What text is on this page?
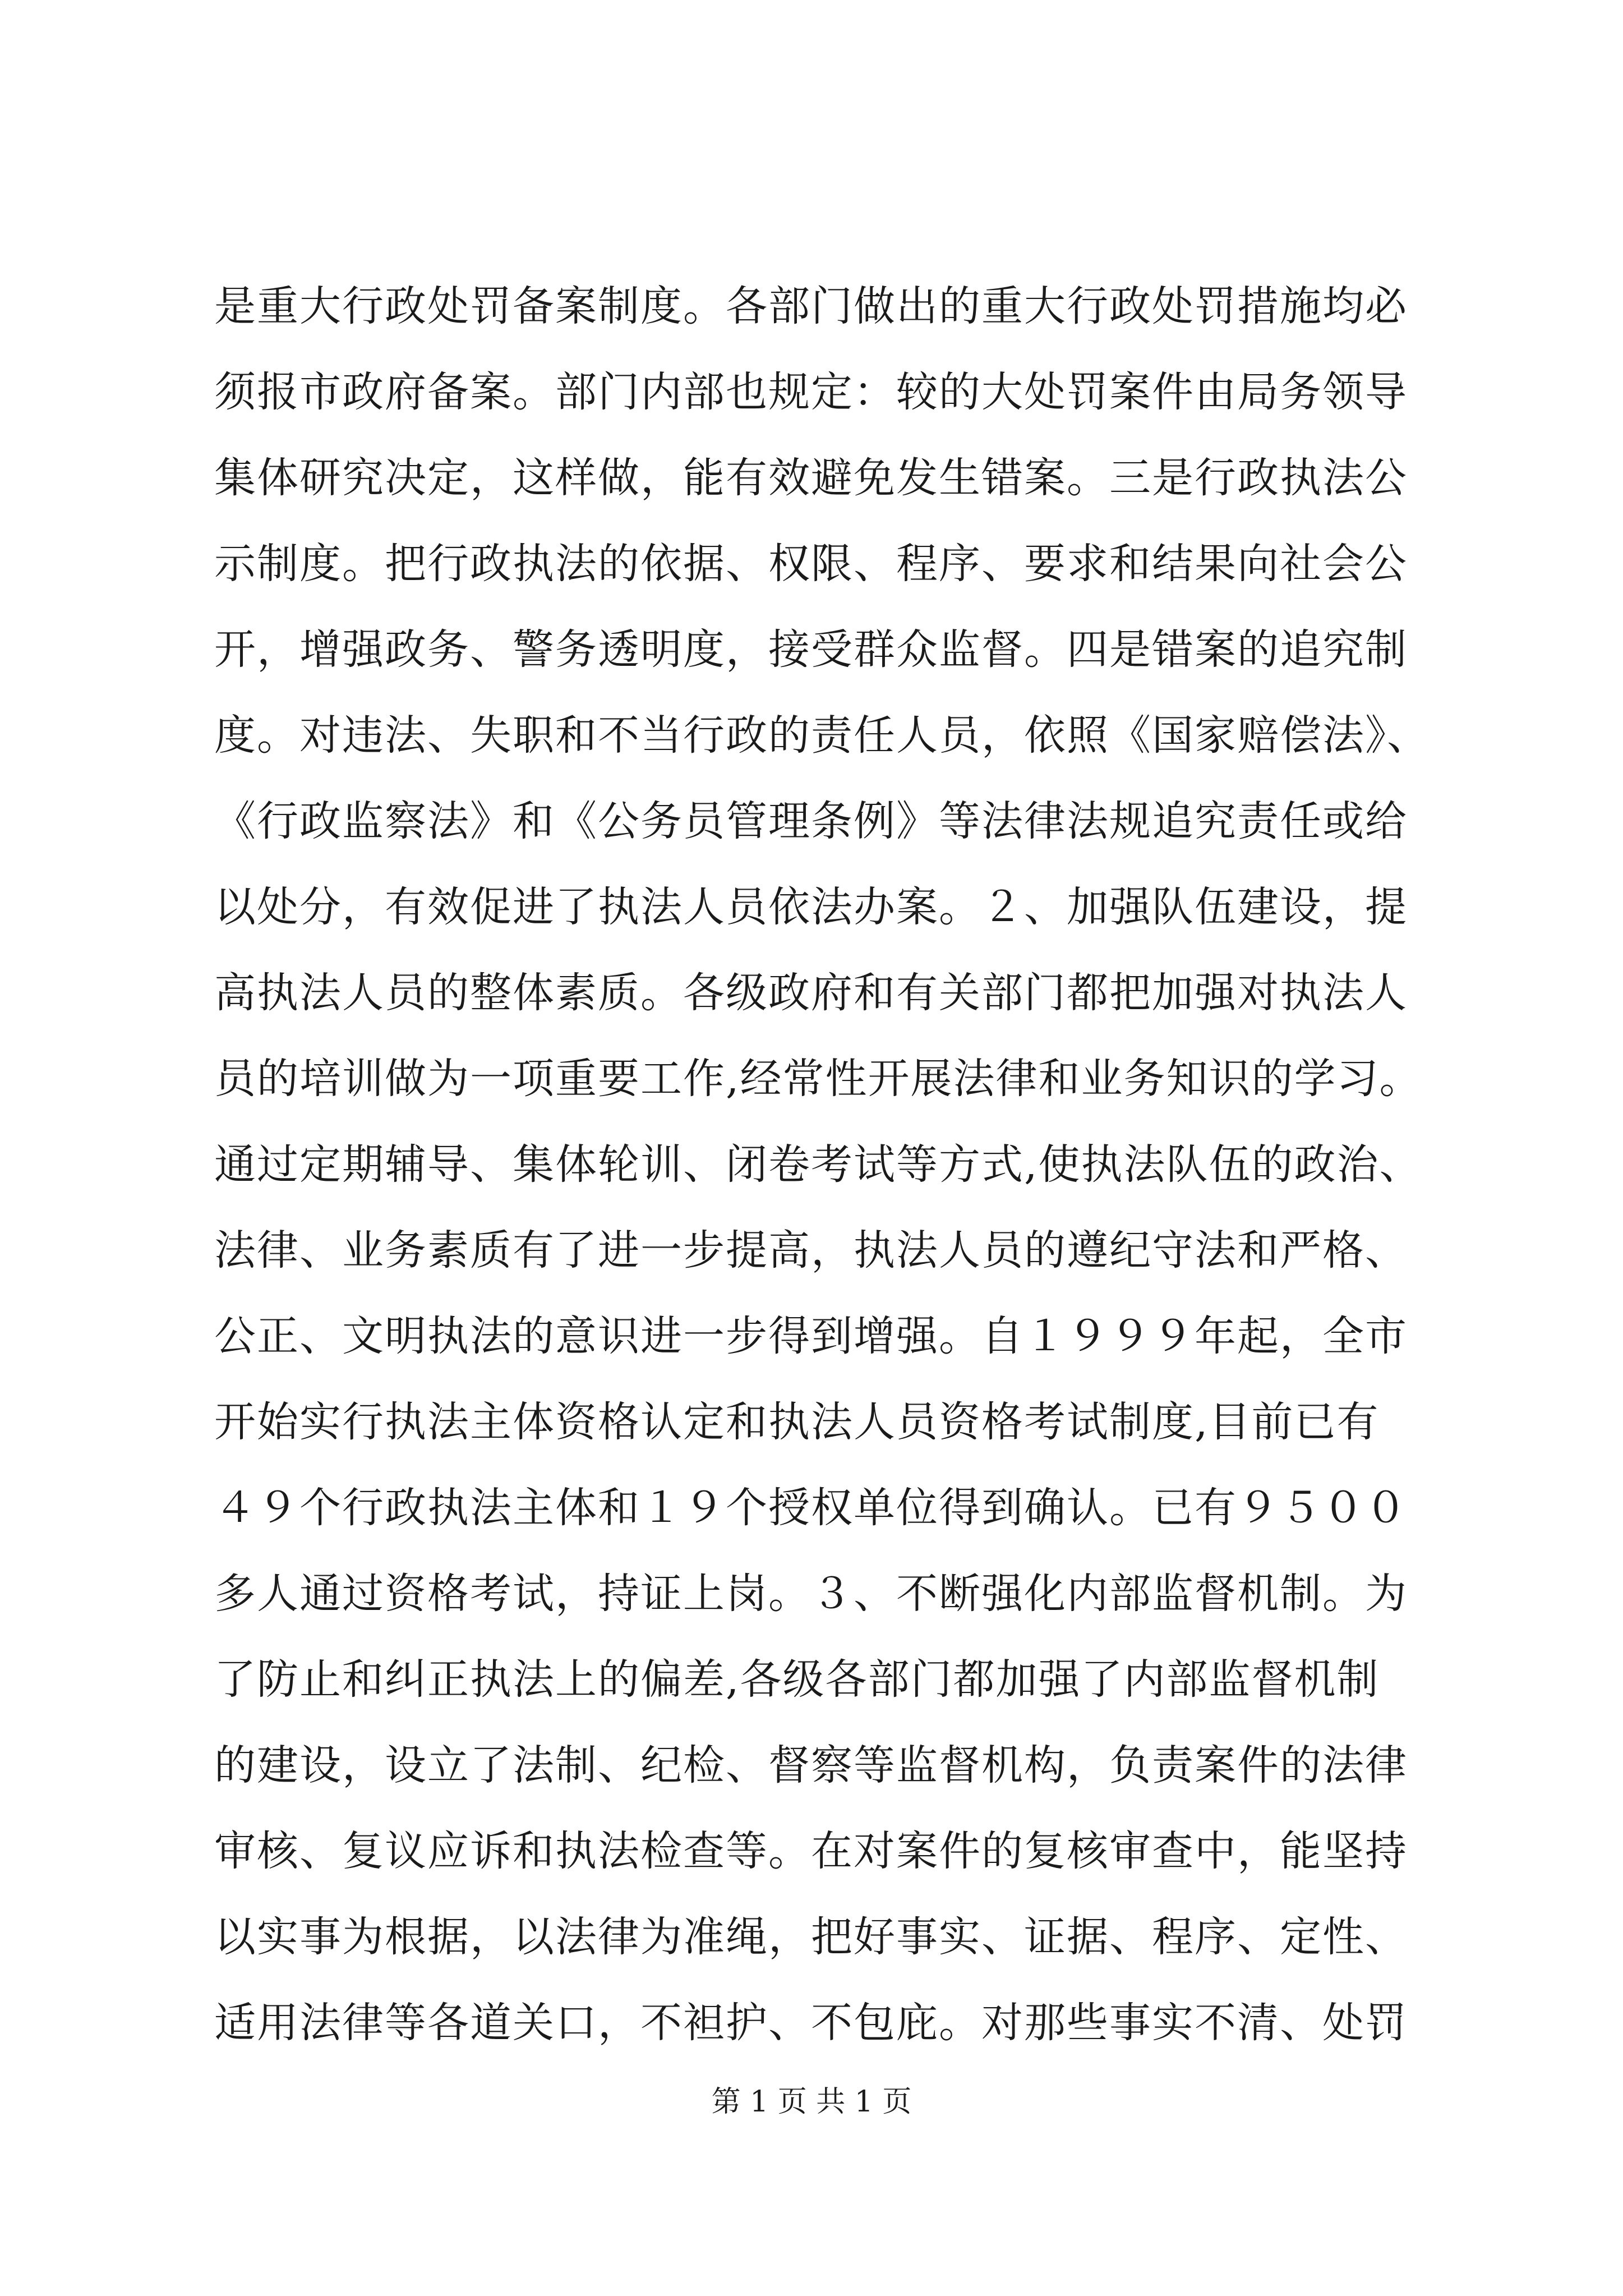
是重大行政处罚备案制度。各部门做出的重大行政处罚措施均必
须报市政府备案。部门内部也规定：较的大处罚案件由局务领导
集体研究决定，这样做，能有效避免发生错案。三是行政执法公
示制度。把行政执法的依据、权限、程序、要求和结果向社会公
开，增强政务、警务透明度，接受群众监督。四是错案的追究制
度。对违法、失职和不当行政的责任人员，依照《国家赔偿法》、
《行政监察法》和《公务员管理条例》等法律法规追究责任或给
以处分，有效促进了执法人员依法办案。２、加强队伍建设，提
高执法人员的整体素质。各级政府和有关部门都把加强对执法人
员的培训做为一项重要工作,经常性开展法律和业务知识的学习。
通过定期辅导、集体轮训、闭卷考试等方式,使执法队伍的政治、
法律、业务素质有了进一步提高，执法人员的遵纪守法和严格、
公正、文明执法的意识进一步得到增强。自１９９９年起，全市
开始实行执法主体资格认定和执法人员资格考试制度,目前已有
４９个行政执法主体和１９个授权单位得到确认。已有９５００
多人通过资格考试，持证上岗。３、不断强化内部监督机制。为
了防止和纠正执法上的偏差,各级各部门都加强了内部监督机制
的建设，设立了法制、纪检、督察等监督机构，负责案件的法律
审核、复议应诉和执法检查等。在对案件的复核审查中，能坚持
以实事为根据，以法律为准绳，把好事实、证据、程序、定性、
适用法律等各道关口，不袒护、不包庇。对那些事实不清、处罚
第 1 页 共 1 页
